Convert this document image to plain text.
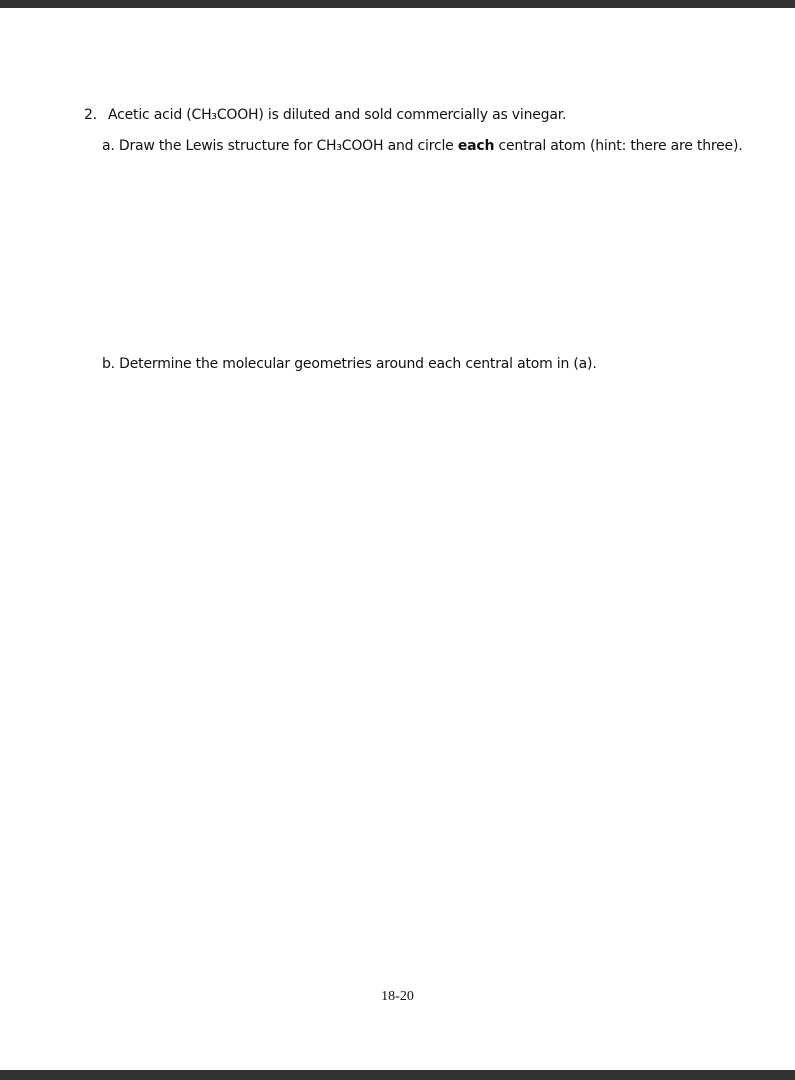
2. Acetic acid (CH₃COOH) is diluted and sold commercially as vinegar.
a. Draw the Lewis structure for CH₃COOH and circle each central atom (hint: there are three).
b. Determine the molecular geometries around each central atom in (a).
18-20
